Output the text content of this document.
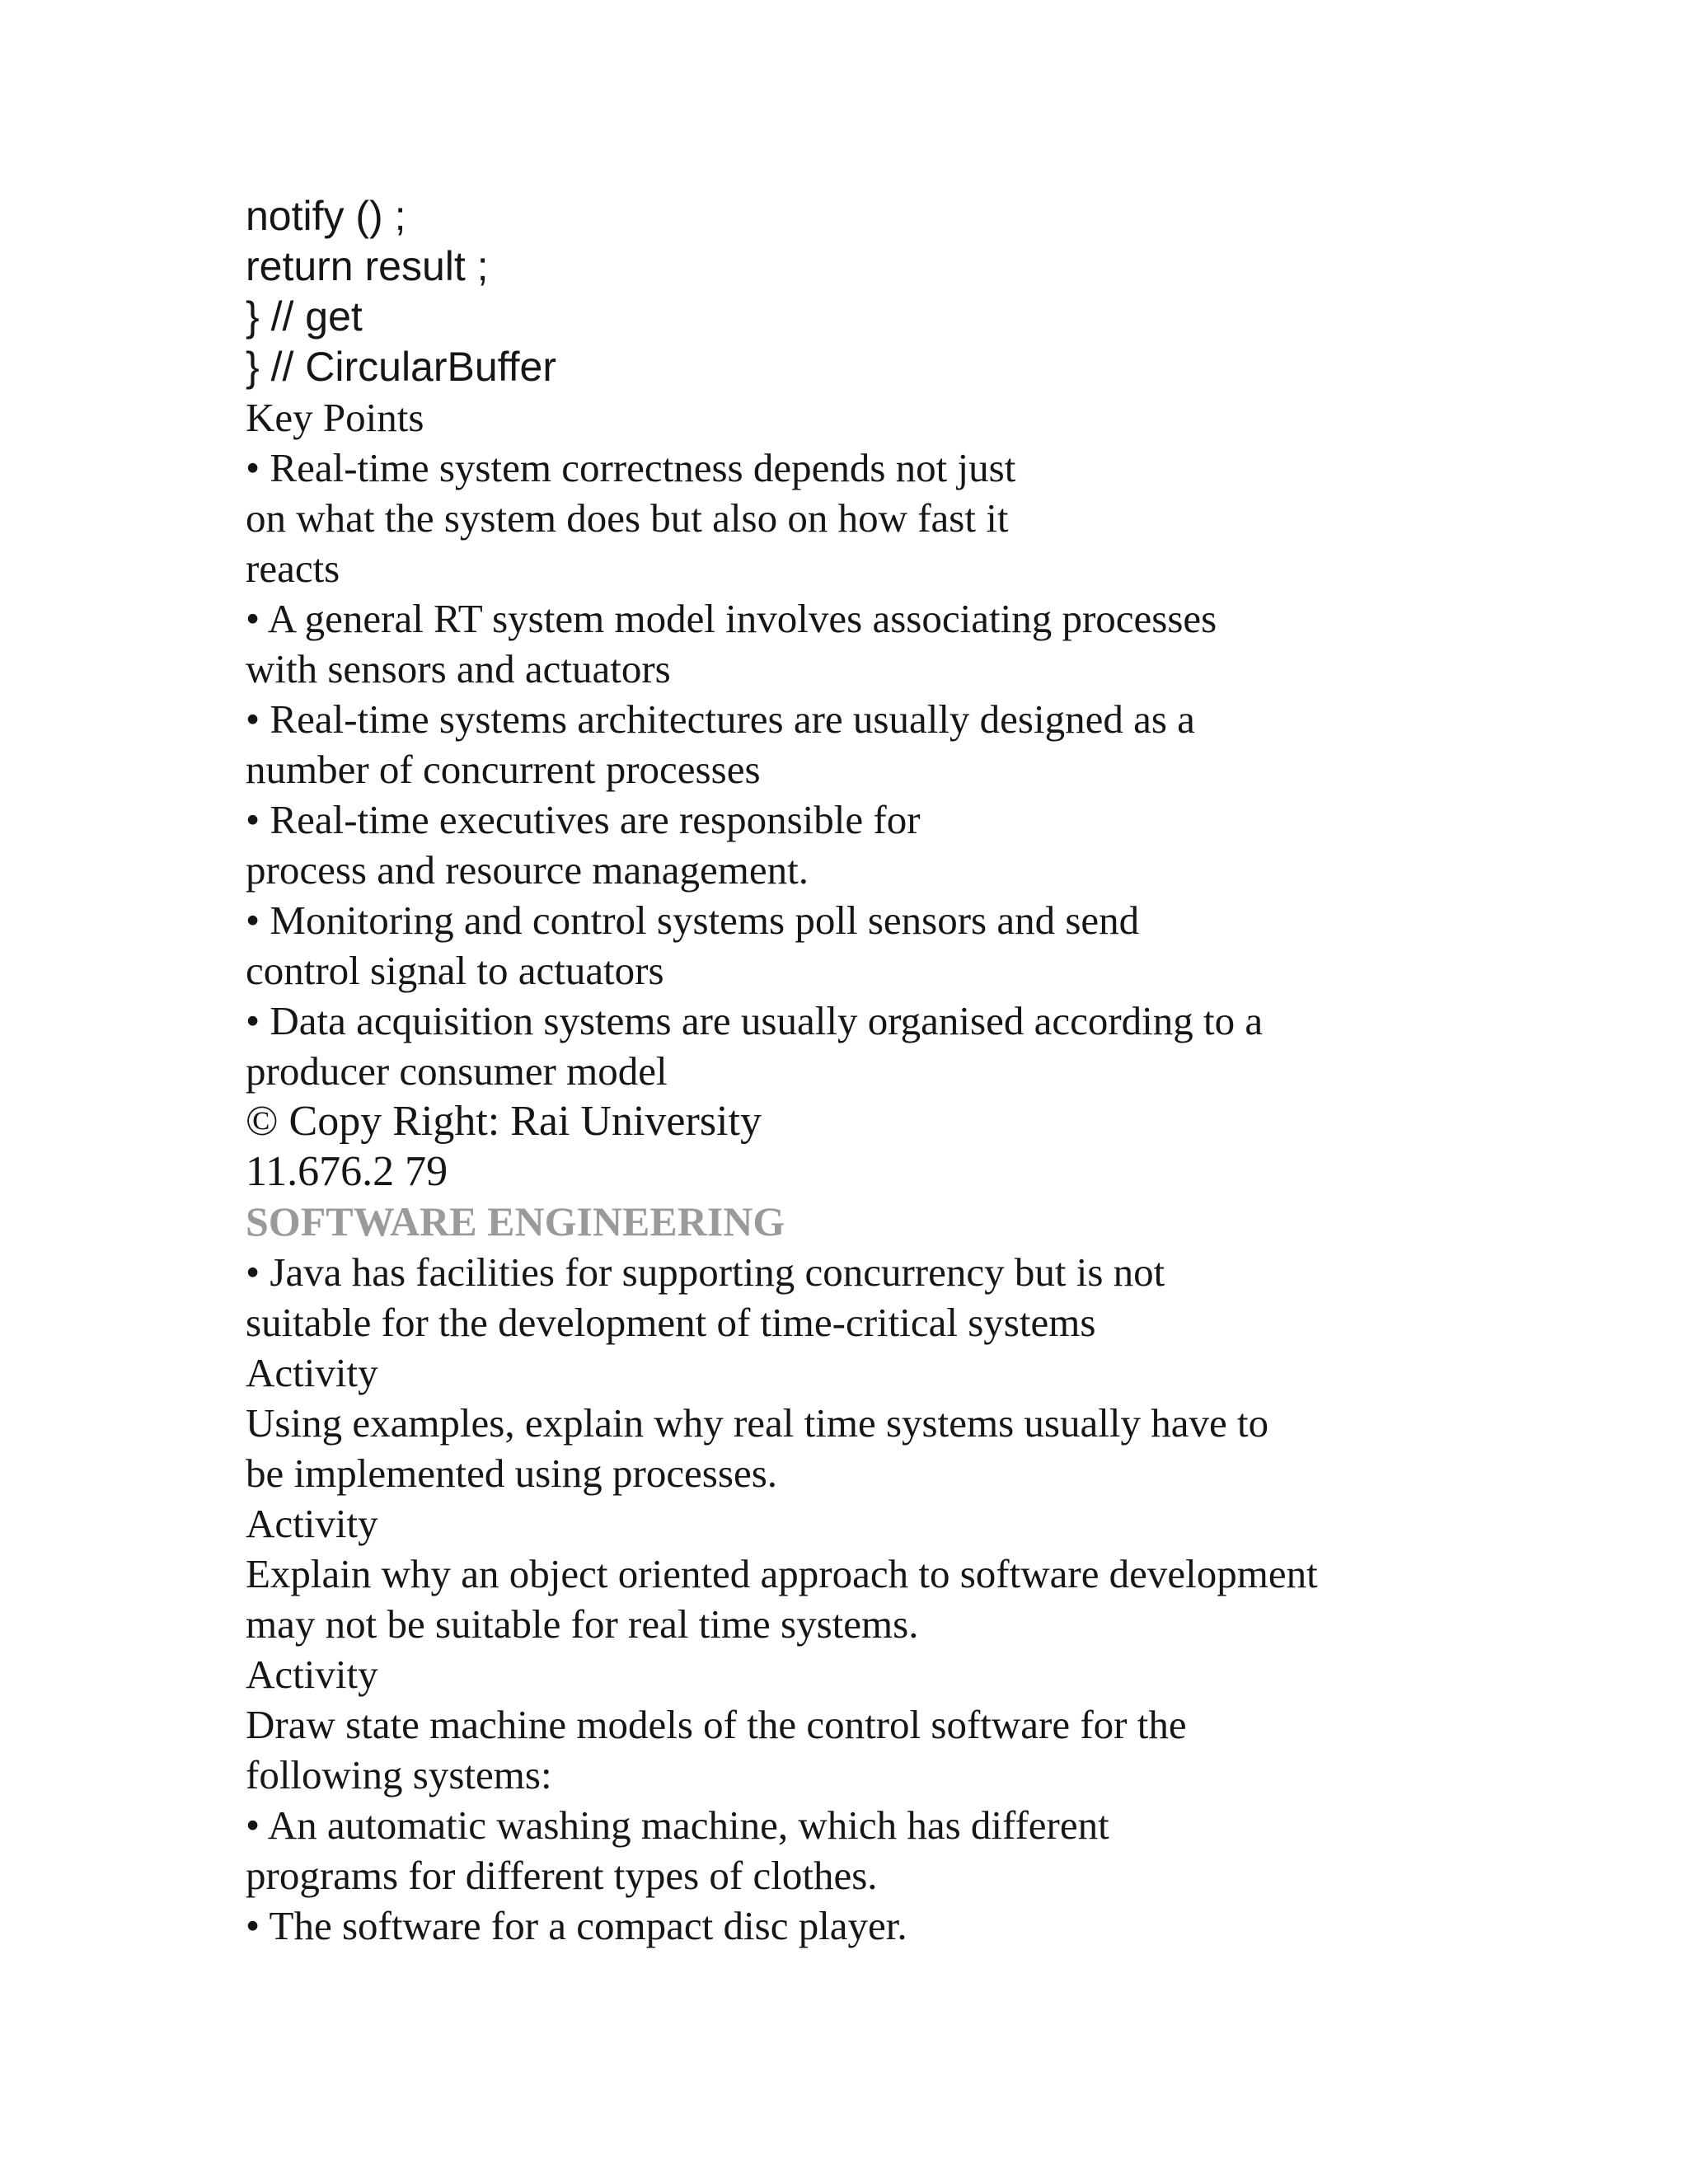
notify () ;
return result ;
} // get
} // CircularBuffer
Key Points
• Real-time system correctness depends not just
on what the system does but also on how fast it
reacts
• A general RT system model involves associating processes
with sensors and actuators
• Real-time systems architectures are usually designed as a
number of concurrent processes
• Real-time executives are responsible for
process and resource management.
• Monitoring and control systems poll sensors and send
control signal to actuators
• Data acquisition systems are usually organised according to a
producer consumer model
© Copy Right: Rai University
11.676.2 79
SOFTWARE ENGINEERING
• Java has facilities for supporting concurrency but is not
suitable for the development of time-critical systems
Activity
Using examples, explain why real time systems usually have to
be implemented using processes.
Activity
Explain why an object oriented approach to software development
may not be suitable for real time systems.
Activity
Draw state machine models of the control software for the
following systems:
• An automatic washing machine, which has different
programs for different types of clothes.
• The software for a compact disc player.
